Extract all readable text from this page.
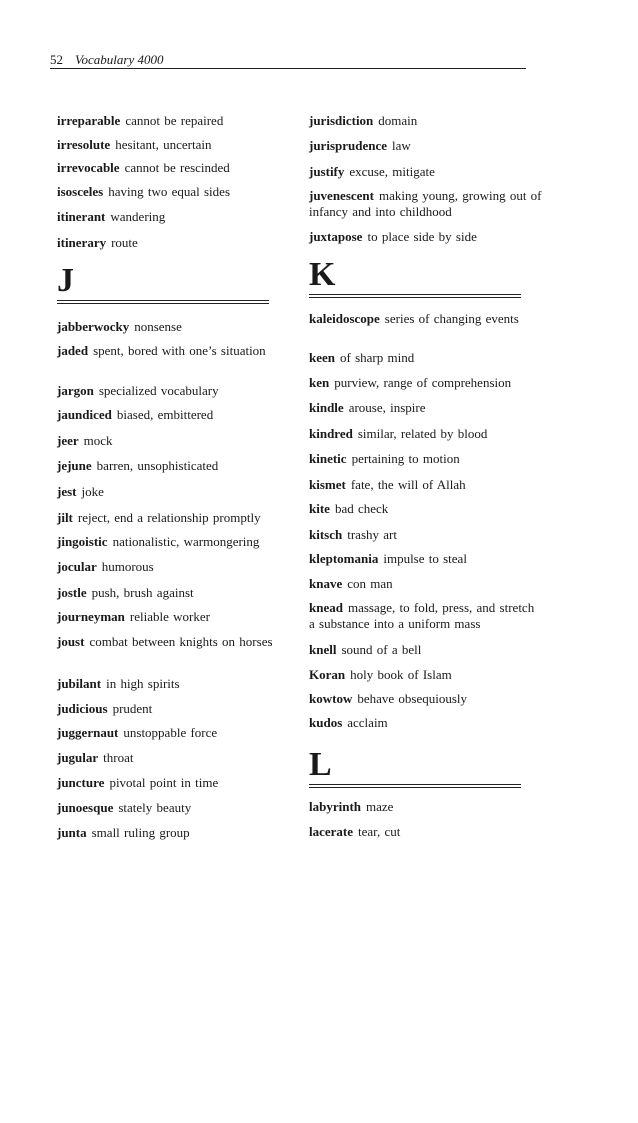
52 Vocabulary 4000
irreparable cannot be repaired
irresolute hesitant, uncertain
irrevocable cannot be rescinded
isosceles having two equal sides
itinerant wandering
itinerary route
J
jabberwocky nonsense
jaded spent, bored with one’s situation
jargon specialized vocabulary
jaundiced biased, embittered
jeer mock
jejune barren, unsophisticated
jest joke
jilt reject, end a relationship promptly
jingoistic nationalistic, warmongering
jocular humorous
jostle push, brush against
journeyman reliable worker
joust combat between knights on horses
jubilant in high spirits
judicious prudent
juggernaut unstoppable force
jugular throat
juncture pivotal point in time
junoesque stately beauty
junta small ruling group
jurisdiction domain
jurisprudence law
justify excuse, mitigate
juvenescent making young, growing out of infancy and into childhood
juxtapose to place side by side
K
kaleidoscope series of changing events
keen of sharp mind
ken purview, range of comprehension
kindle arouse, inspire
kindred similar, related by blood
kinetic pertaining to motion
kismet fate, the will of Allah
kite bad check
kitsch trashy art
kleptomania impulse to steal
knave con man
knead massage, to fold, press, and stretch a substance into a uniform mass
knell sound of a bell
Koran holy book of Islam
kowtow behave obsequiously
kudos acclaim
L
labyrinth maze
lacerate tear, cut
